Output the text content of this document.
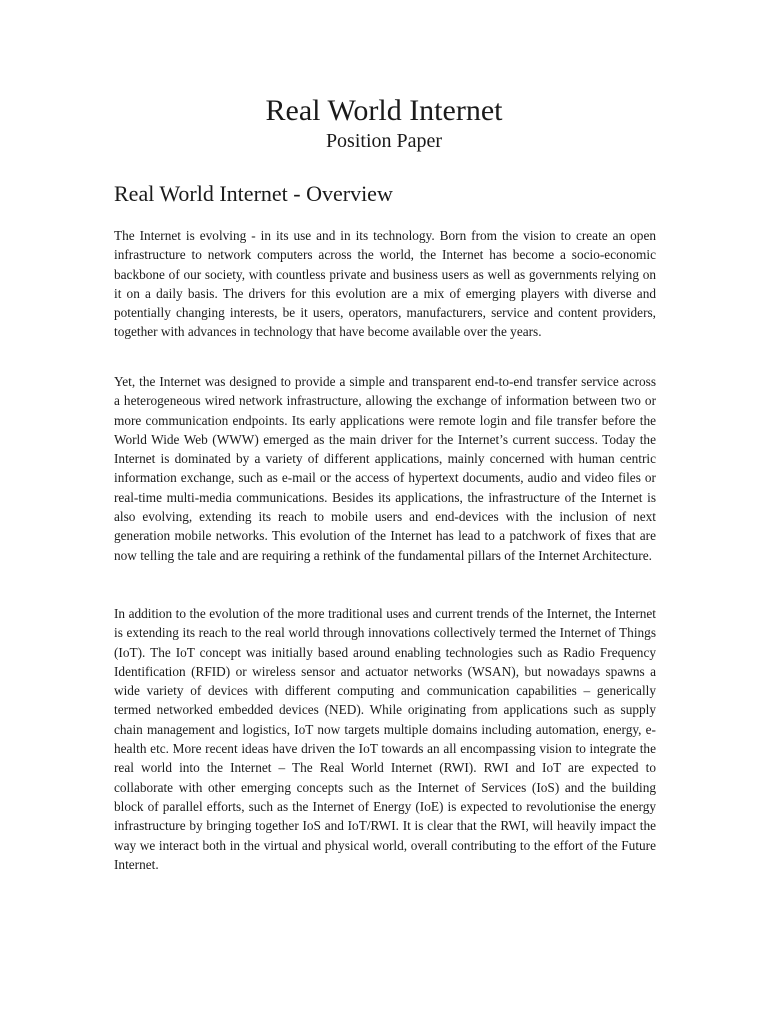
Real World Internet
Position Paper
Real World Internet - Overview

The Internet is evolving - in its use and in its technology. Born from the vision to create an open infrastructure to network computers across the world, the Internet has become a socio-economic backbone of our society, with countless private and business users as well as governments relying on it on a daily basis. The drivers for this evolution are a mix of emerging players with diverse and potentially changing interests, be it users, operators, manufacturers, service and content providers, together with advances in technology that have become available over the years.

Yet, the Internet was designed to provide a simple and transparent end-to-end transfer service across a heterogeneous wired network infrastructure, allowing the exchange of information between two or more communication endpoints. Its early applications were remote login and file transfer before the World Wide Web (WWW) emerged as the main driver for the Internet’s current success. Today the Internet is dominated by a variety of different applications, mainly concerned with human centric information exchange, such as e-mail or the access of hypertext documents, audio and video files or real-time multi-media communications. Besides its applications, the infrastructure of the Internet is also evolving, extending its reach to mobile users and end-devices with the inclusion of next generation mobile networks. This evolution of the Internet has lead to a patchwork of fixes that are now telling the tale and are requiring a rethink of the fundamental pillars of the Internet Architecture.

In addition to the evolution of the more traditional uses and current trends of the Internet, the Internet is extending its reach to the real world through innovations collectively termed the Internet of Things (IoT). The IoT concept was initially based around enabling technologies such as Radio Frequency Identification (RFID) or wireless sensor and actuator networks (WSAN), but nowadays spawns a wide variety of devices with different computing and communication capabilities – generically termed networked embedded devices (NED). While originating from applications such as supply chain management and logistics, IoT now targets multiple domains including automation, energy, e-health etc. More recent ideas have driven the IoT towards an all encompassing vision to integrate the real world into the Internet – The Real World Internet (RWI). RWI and IoT are expected to collaborate with other emerging concepts such as the Internet of Services (IoS) and the building block of parallel efforts, such as the Internet of Energy (IoE) is expected to revolutionise the energy infrastructure by bringing together IoS and IoT/RWI. It is clear that the RWI, will heavily impact the way we interact both in the virtual and physical world, overall contributing to the effort of the Future Internet.
